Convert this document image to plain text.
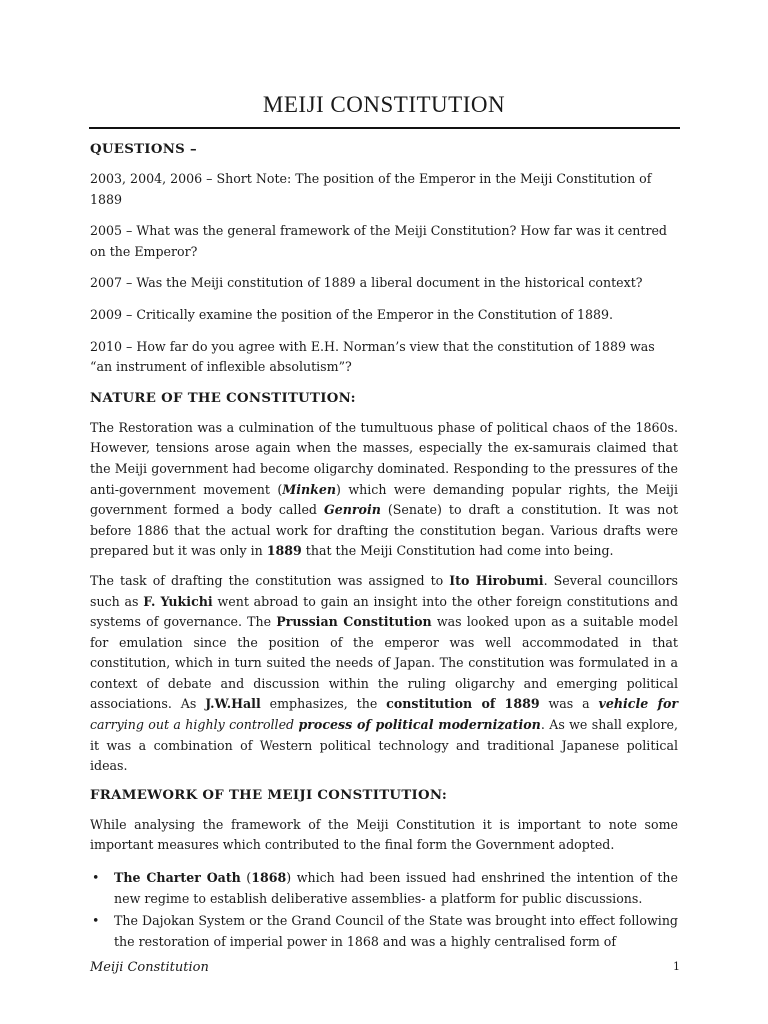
MEIJI CONSTITUTION
QUESTIONS –

2003, 2004, 2006 – Short Note: The position of the Emperor in the Meiji Constitution of 1889

2005 – What was the general framework of the Meiji Constitution? How far was it centred on the Emperor?

2007 – Was the Meiji constitution of 1889 a liberal document in the historical context?

2009 – Critically examine the position of the Emperor in the Constitution of 1889.

2010 – How far do you agree with E.H. Norman’s view that the constitution of 1889 was “an instrument of inflexible absolutism”?

NATURE OF THE CONSTITUTION:

The Restoration was a culmination of the tumultuous phase of political chaos of the 1860s. However, tensions arose again when the masses, especially the ex-samurais claimed that the Meiji government had become oligarchy dominated. Responding to the pressures of the anti-government movement (Minken) which were demanding popular rights, the Meiji government formed a body called Genroin (Senate) to draft a constitution. It was not before 1886 that the actual work for drafting the constitution began. Various drafts were prepared but it was only in 1889 that the Meiji Constitution had come into being.

The task of drafting the constitution was assigned to Ito Hirobumi. Several councillors such as F. Yukichi went abroad to gain an insight into the other foreign constitutions and systems of governance. The Prussian Constitution was looked upon as a suitable model for emulation since the position of the emperor was well accommodated in that constitution, which in turn suited the needs of Japan. The constitution was formulated in a context of debate and discussion within the ruling oligarchy and emerging political associations. As J.W.Hall emphasizes, the constitution of 1889 was a vehicle for carrying out a highly controlled process of political modernization. As we shall explore, it was a combination of Western political technology and traditional Japanese political ideas.

FRAMEWORK OF THE MEIJI CONSTITUTION:

While analysing the framework of the Meiji Constitution it is important to note some important measures which contributed to the final form the Government adopted.

• The Charter Oath (1868) which had been issued had enshrined the intention of the new regime to establish deliberative assemblies- a platform for public discussions.
• The Dajokan System or the Grand Council of the State was brought into effect following the restoration of imperial power in 1868 and was a highly centralised form of
Meiji Constitution	1
